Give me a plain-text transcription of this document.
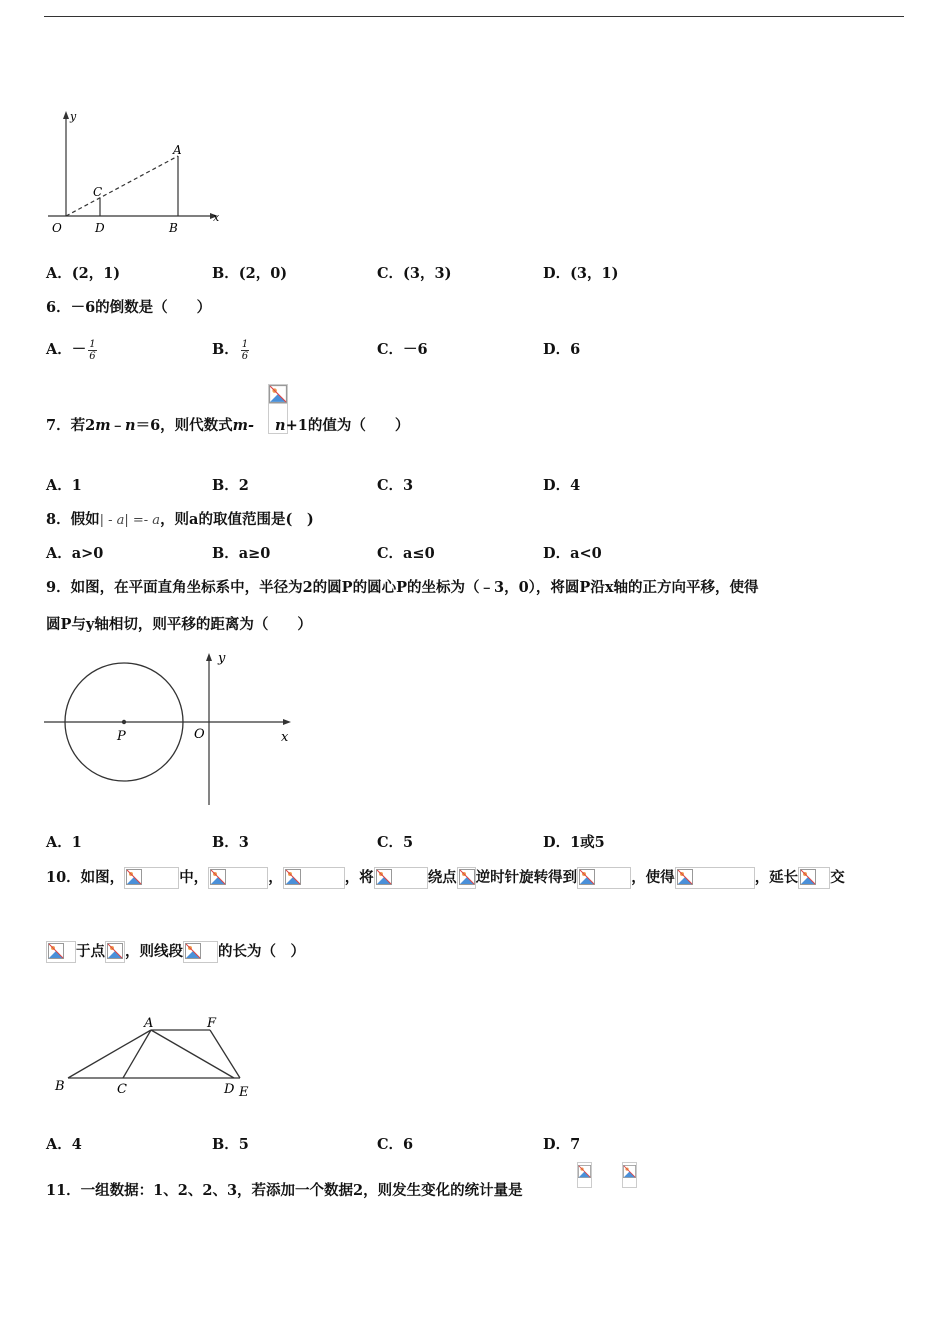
y
x
A
C
O	D	B
A．(2，1)	B．(2，0)	C．(3，3)	D．(3，1)
6．－6的倒数是（　　）
A．－ $\frac{1}{6}$	B． $\frac{1}{6}$	C．－6	D．6
7．若2m﹣n＝6，则代数式m- n+1的值为（　　）
A．1	B．2	C．3	D．4
8．假如| - a| =- a，则a的取值范围是(　)
A．a>0	B．a≥0	C．a≤0	D．a<0
9．如图，在平面直角坐标系中，半径为2的圆P的圆心P的坐标为（﹣3，0），将圆P沿x轴的正方向平移，使得
圆P与y轴相切，则平移的距离为（　　）
y
P	O	x
A．1	B．3	C．5	D．1或5
10．如图，	中，	，	，将	绕点 逆时针旋转得到	，使得	，延长 交
于点 ，则线段 的长为（　）
A	F
B	C	D E
A．4	B．5	C．6	D．7
11．一组数据：1、2、2、3，若添加一个数据2，则发生变化的统计量是
